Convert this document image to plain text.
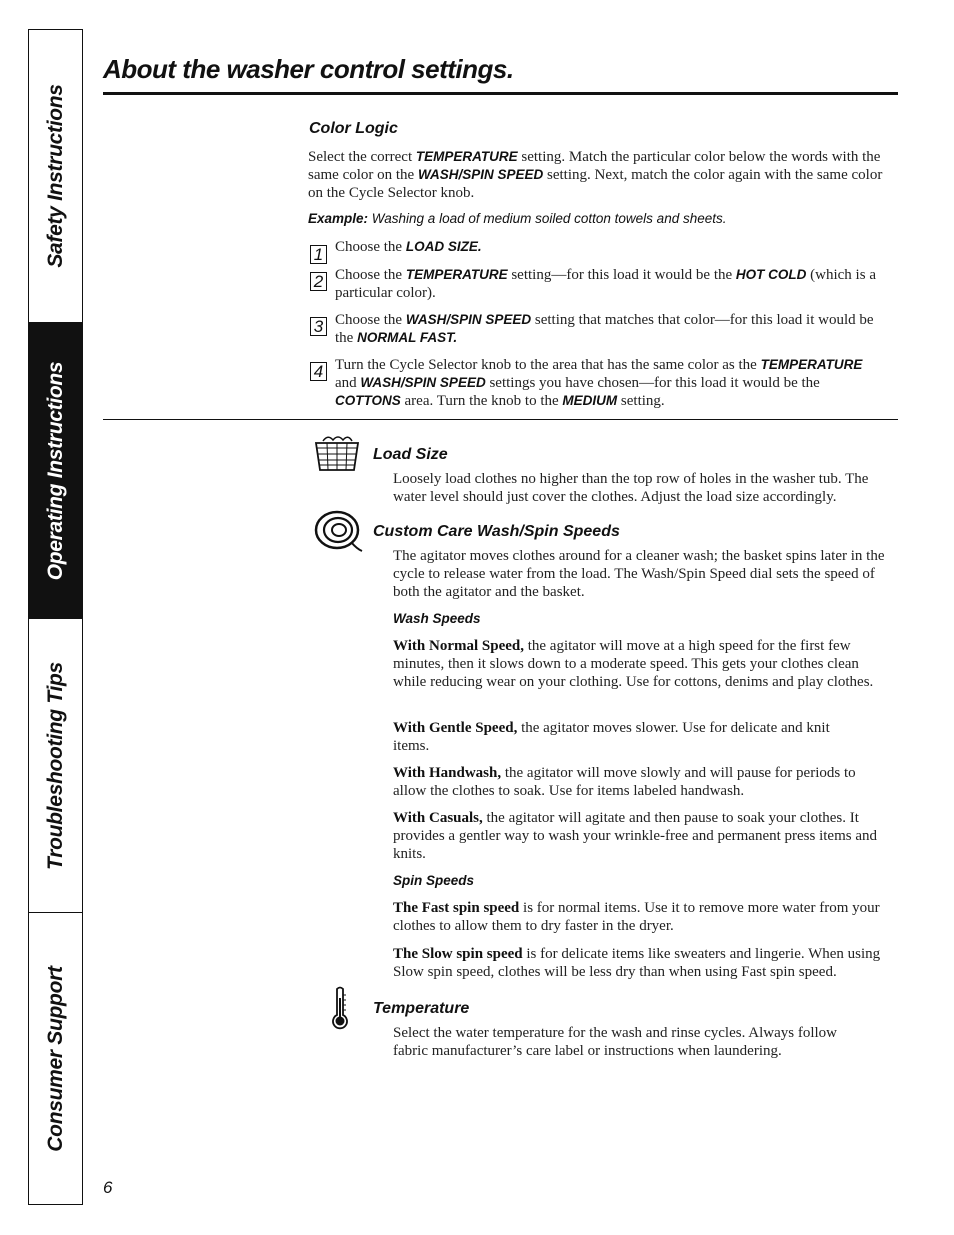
Safety Instructions
Operating Instructions
Troubleshooting Tips
Consumer Support
About the washer control settings.
Color Logic

Select the correct TEMPERATURE setting. Match the particular color below the words with the same color on the WASH/SPIN SPEED setting. Next, match the color again with the same color on the Cycle Selector knob.

Example: Washing a load of medium soiled cotton towels and sheets.

1 Choose the LOAD SIZE.

2 Choose the TEMPERATURE setting—for this load it would be the HOT COLD (which is a particular color).

3 Choose the WASH/SPIN SPEED setting that matches that color—for this load it would be the NORMAL FAST.

4 Turn the Cycle Selector knob to the area that has the same color as the TEMPERATURE and WASH/SPIN SPEED settings you have chosen—for this load it would be the COTTONS area. Turn the knob to the MEDIUM setting.

Load Size

Loosely load clothes no higher than the top row of holes in the washer tub. The water level should just cover the clothes. Adjust the load size accordingly.

Custom Care Wash/Spin Speeds

The agitator moves clothes around for a cleaner wash; the basket spins later in the cycle to release water from the load. The Wash/Spin Speed dial sets the speed of both the agitator and the basket.

Wash Speeds

With Normal Speed, the agitator will move at a high speed for the first few minutes, then it slows down to a moderate speed. This gets your clothes clean while reducing wear on your clothing. Use for cottons, denims and play clothes.

With Gentle Speed, the agitator moves slower. Use for delicate and knit items.

With Handwash, the agitator will move slowly and will pause for periods to allow the clothes to soak. Use for items labeled handwash.

With Casuals, the agitator will agitate and then pause to soak your clothes. It provides a gentler way to wash your wrinkle-free and permanent press items and knits.

Spin Speeds

The Fast spin speed is for normal items. Use it to remove more water from your clothes to allow them to dry faster in the dryer.

The Slow spin speed is for delicate items like sweaters and lingerie. When using Slow spin speed, clothes will be less dry than when using Fast spin speed.

Temperature

Select the water temperature for the wash and rinse cycles. Always follow fabric manufacturer’s care label or instructions when laundering.

6
